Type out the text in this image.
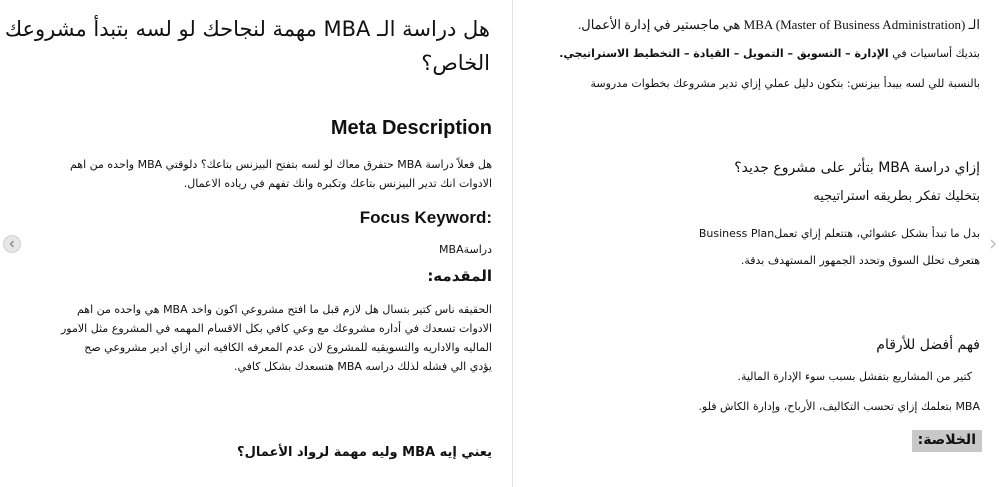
هل دراسة الـ MBA مهمة لنجاحك لو لسه بتبدأ مشروعك
الخاص؟
Meta Description
هل فعلاً دراسة MBA حتفرق معاك لو لسه بتفتح البيزنس بتاعك؟ دلوقتي MBA واحده من اهم
الادوات انك تدير البيزنس بتاعك وتكبره وانك تفهم في رياده الاعمال.
Focus Keyword:
دراسةMBA
المقدمه:
الحقيقه ناس كتير بتسال هل لازم قبل ما افتح مشروعي اكون واخد MBA هي واحده من اهم
الادوات تسعدك في أداره مشروعك مع وعي كافي بكل الاقسام المهمه في المشروع مثل الامور
الماليه والاداريه والتسويقيه للمشروع لان عدم المعرفه الكافيه اني ازاي ادير مشروعي صح
يؤدي الي فشله لذلك دراسه MBA هتسعدك بشكل كافي.
يعني إيه MBA وليه مهمة لرواد الأعمال؟
الـ MBA (Master of Business Administration) هي ماجستير في إدارة الأعمال.
بتديك أساسيات في الإدارة – التسويق – التمويل – القيادة – التخطيط الاستراتيجي.
بالنسبة للي لسه بيبدأ بيزنس: بتكون دليل عملي إزاي تدير مشروعك بخطوات مدروسة
إزاي دراسة MBA بتأثر على مشروع جديد؟
بتخليك تفكر بطريقه استراتيجيه
بدل ما تبدأ بشكل عشوائي، هتتعلم إزاي تعملBusiness Plan
هتعرف تحلل السوق وتحدد الجمهور المستهدف بدقة.
فهم أفضل للأرقام
كتير من المشاريع بتفشل بسبب سوء الإدارة المالية.
MBA بتعلمك إزاي تحسب التكاليف، الأرباح، وإدارة الكاش فلو.
الخلاصة:
